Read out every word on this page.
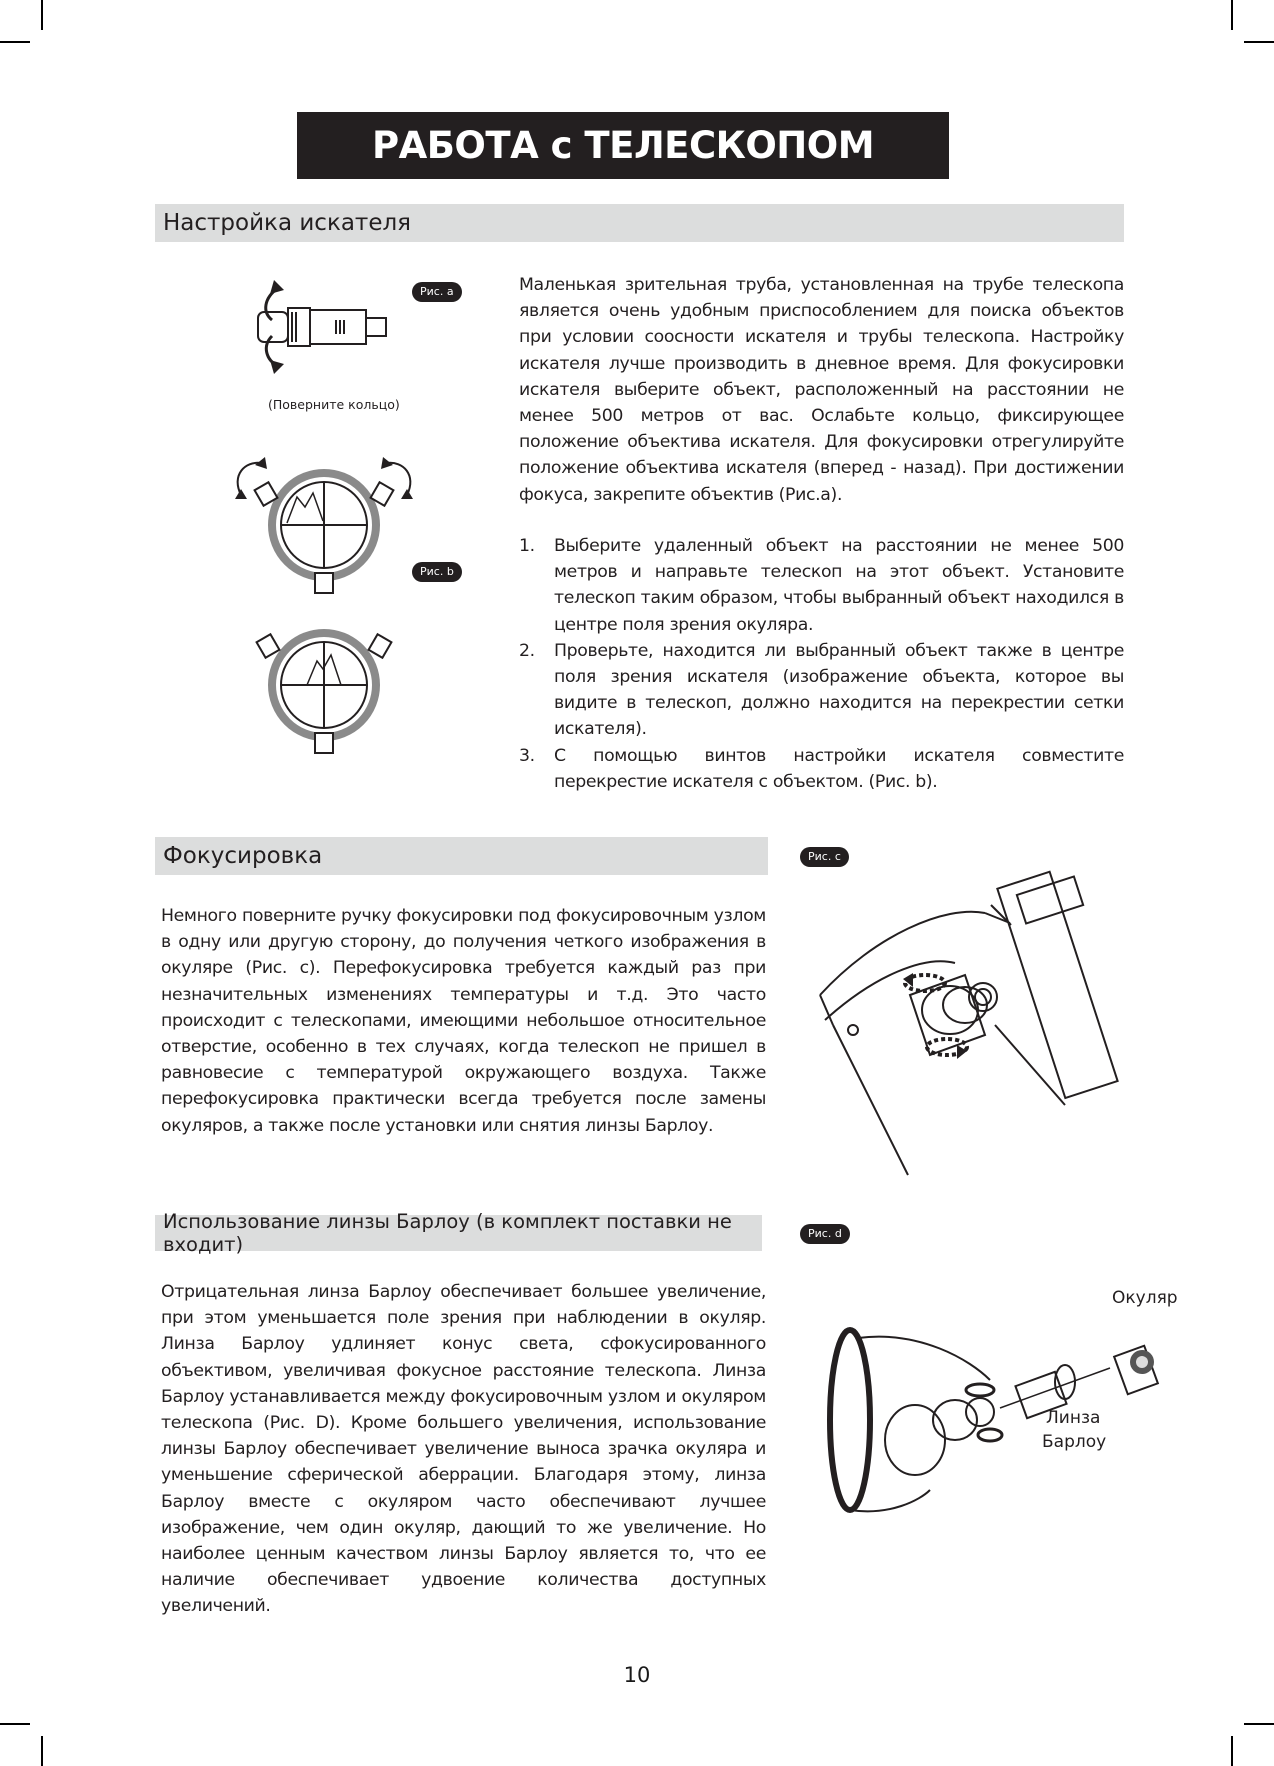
РАБОТА с ТЕЛЕСКОПОМ
Настройка искателя
Рис. a
Рис. b
(Поверните кольцо)

Маленькая зрительная труба, установленная на трубе телескопа является очень удобным приспособлением для поиска объектов при условии соосности искателя и трубы телескопа. Настройку искателя лучше производить в дневное время. Для фокусировки искателя выберите объект, расположенный на расстоянии не менее 500 метров от вас. Ослабьте кольцо, фиксирующее положение объектива искателя. Для фокусировки отрегулируйте положение объектива искателя (вперед - назад). При достижении фокуса, закрепите объектив (Рис.а).

1. Выберите удаленный объект на расстоянии не менее 500 метров и направьте телескоп на этот объект. Установите телескоп таким образом, чтобы выбранный объект находился в центре поля зрения окуляра.
2. Проверьте, находится ли выбранный объект также в центре поля зрения искателя (изображение объекта, которое вы видите в телескоп, должно находится на перекрестии сетки искателя).
3. С помощью винтов настройки искателя совместите перекрестие искателя с объектом. (Рис. b).
Фокусировка	Рис. c

Немного поверните ручку фокусировки под фокусировочным узлом в одну или другую сторону, до получения четкого изображения в окуляре (Рис. с). Перефокусировка требуется каждый раз при незначительных изменениях температуры и т.д. Это часто происходит с телескопами, имеющими небольшое относительное отверстие, особенно в тех случаях, когда телескоп не пришел в равновесие с температурой окружающего воздуха. Также перефокусировка практически всегда требуется после замены окуляров, а также после установки или снятия линзы Барлоу.

Использование линзы Барлоу (в комплект поставки не входит)	Рис. d

Отрицательная линза Барлоу обеспечивает большее увеличение, при этом уменьшается поле зрения при наблюдении в окуляр. Линза Барлоу удлиняет конус света, сфокусированного объективом, увеличивая фокусное расстояние телескопа. Линза Барлоу устанавливается между фокусировочным узлом и окуляром телескопа (Рис. D). Кроме большего увеличения, использование линзы Барлоу обеспечивает увеличение выноса зрачка окуляра и уменьшение сферической аберрации. Благодаря этому, линза Барлоу вместе с окуляром часто обеспечивают лучшее изображение, чем один окуляр, дающий то же увеличение. Но наиболее ценным качеством линзы Барлоу является то, что ее наличие обеспечивает удвоение количества доступных увеличений.

Окуляр
Линза
Барлоу
10
